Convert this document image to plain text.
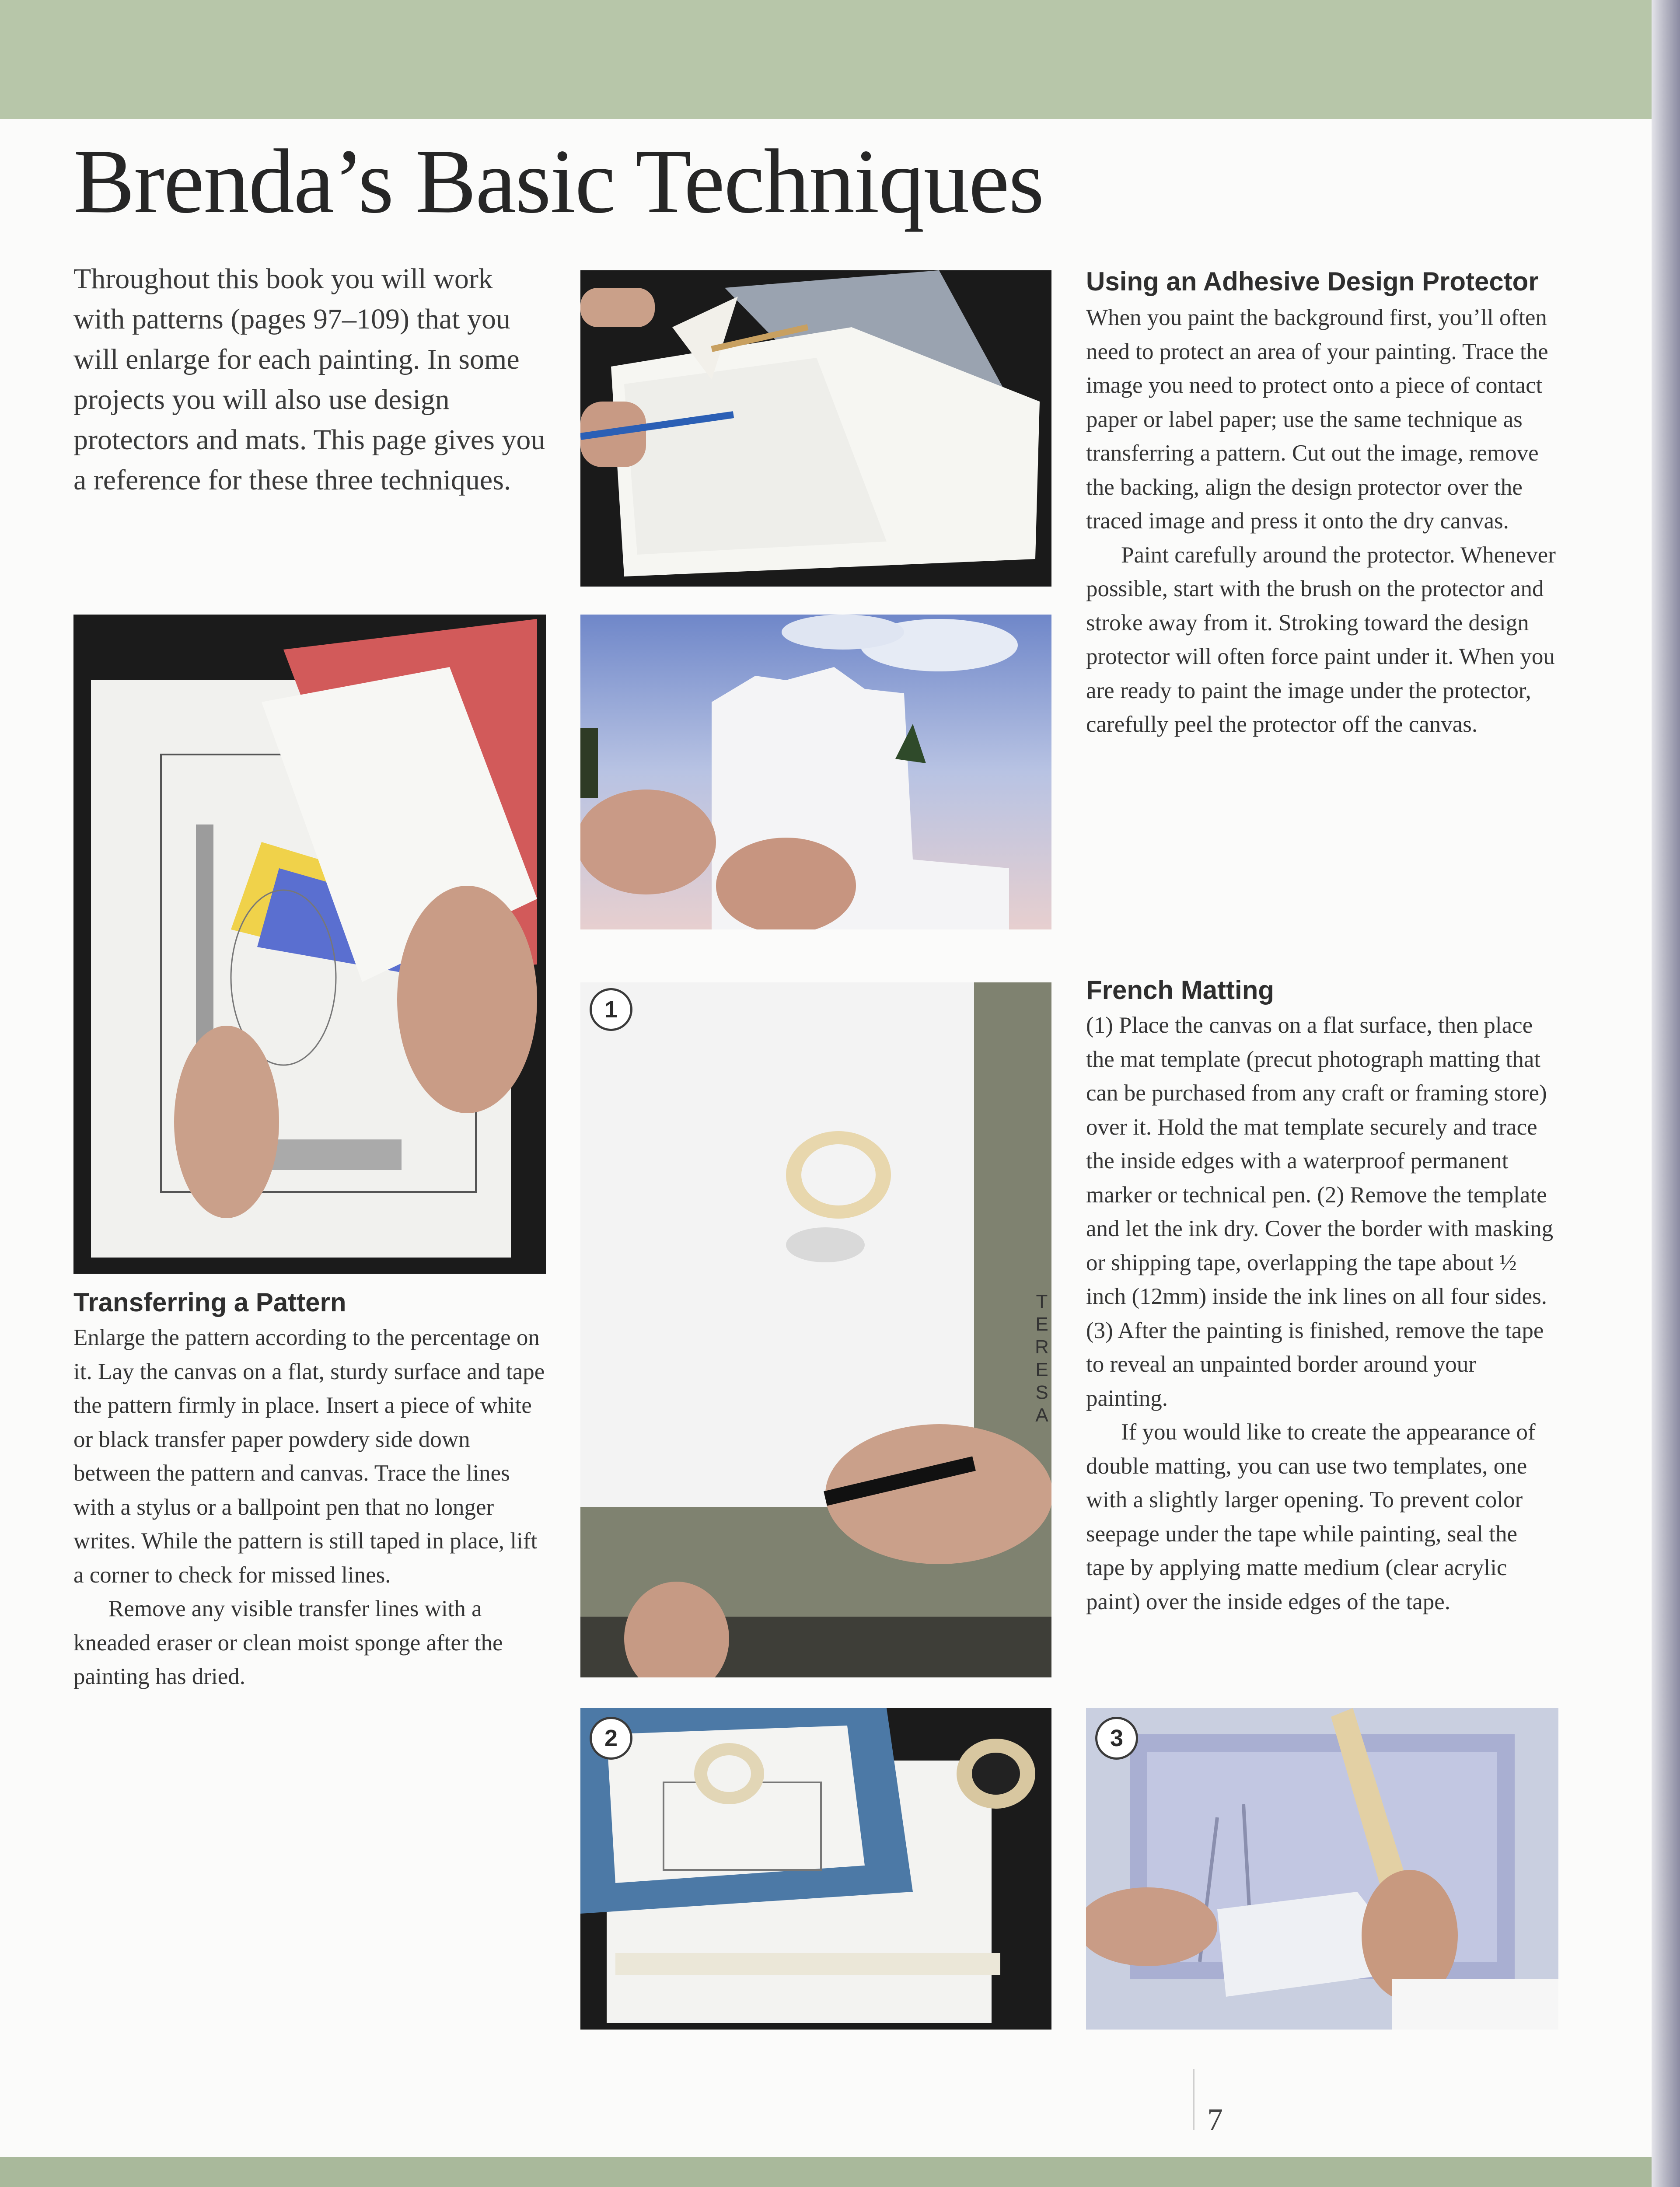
Brenda’s Basic Techniques

Throughout this book you will work with patterns (pages 97–109) that you will enlarge for each painting. In some projects you will also use design protectors and mats. This page gives you a reference for these three techniques.

1
2	3
TERESA
Transferring a Pattern

Enlarge the pattern according to the percentage on it. Lay the canvas on a flat, sturdy surface and tape the pattern firmly in place. Insert a piece of white or black transfer paper powdery side down between the pattern and canvas. Trace the lines with a stylus or a ballpoint pen that no longer writes. While the pattern is still taped in place, lift a corner to check for missed lines.

Remove any visible transfer lines with a kneaded eraser or clean moist sponge after the painting has dried.

Using an Adhesive Design Protector

When you paint the background first, you’ll often need to protect an area of your painting. Trace the image you need to protect onto a piece of contact paper or label paper; use the same technique as transferring a pattern. Cut out the image, remove the backing, align the design protector over the traced image and press it onto the dry canvas.

Paint carefully around the protector. Whenever possible, start with the brush on the protector and stroke away from it. Stroking toward the design protector will often force paint under it. When you are ready to paint the image under the protector, carefully peel the protector off the canvas.

French Matting

(1) Place the canvas on a flat surface, then place the mat template (precut photograph matting that can be purchased from any craft or framing store) over it. Hold the mat template securely and trace the inside edges with a waterproof permanent marker or technical pen. (2) Remove the template and let the ink dry. Cover the border with masking or shipping tape, overlapping the tape about ½ inch (12mm) inside the ink lines on all four sides. (3) After the painting is finished, remove the tape to reveal an unpainted border around your painting.

If you would like to create the appearance of double matting, you can use two templates, one with a slightly larger opening. To prevent color seepage under the tape while painting, seal the tape by applying matte medium (clear acrylic paint) over the inside edges of the tape.

7
